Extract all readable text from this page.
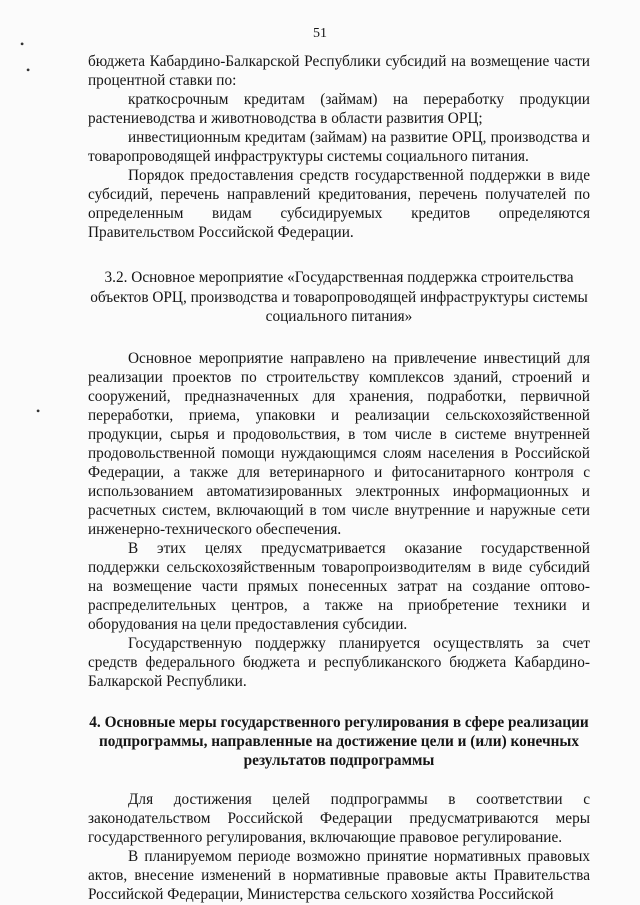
•
•
•
51

бюджета Кабардино-Балкарской Республики субсидий на возмещение части процентной ставки по:

краткосрочным кредитам (займам) на переработку продукции растениеводства и животноводства в области развития ОРЦ;

инвестиционным кредитам (займам) на развитие ОРЦ, производства и товаропроводящей инфраструктуры системы социального питания.

Порядок предоставления средств государственной поддержки в виде субсидий, перечень направлений кредитования, перечень получателей по определенным видам субсидируемых кредитов определяются Правительством Российской Федерации.

3.2. Основное мероприятие «Государственная поддержка строительства объектов ОРЦ, производства и товаропроводящей инфраструктуры системы социального питания»

Основное мероприятие направлено на привлечение инвестиций для реализации проектов по строительству комплексов зданий, строений и сооружений, предназначенных для хранения, подработки, первичной переработки, приема, упаковки и реализации сельскохозяйственной продукции, сырья и продовольствия, в том числе в системе внутренней продовольственной помощи нуждающимся слоям населения в Российской Федерации, а также для ветеринарного и фитосанитарного контроля с использованием автоматизированных электронных информационных и расчетных систем, включающий в том числе внутренние и наружные сети инженерно-технического обеспечения.

В этих целях предусматривается оказание государственной поддержки сельскохозяйственным товаропроизводителям в виде субсидий на возмещение части прямых понесенных затрат на создание оптово-распределительных центров, а также на приобретение техники и оборудования на цели предоставления субсидии.

Государственную поддержку планируется осуществлять за счет средств федерального бюджета и республиканского бюджета Кабардино-Балкарской Республики.

4. Основные меры государственного регулирования в сфере реализации подпрограммы, направленные на достижение цели и (или) конечных результатов подпрограммы

Для достижения целей подпрограммы в соответствии с законодательством Российской Федерации предусматриваются меры государственного регулирования, включающие правовое регулирование.

В планируемом периоде возможно принятие нормативных правовых актов, внесение изменений в нормативные правовые акты Правительства Российской Федерации, Министерства сельского хозяйства Российской
